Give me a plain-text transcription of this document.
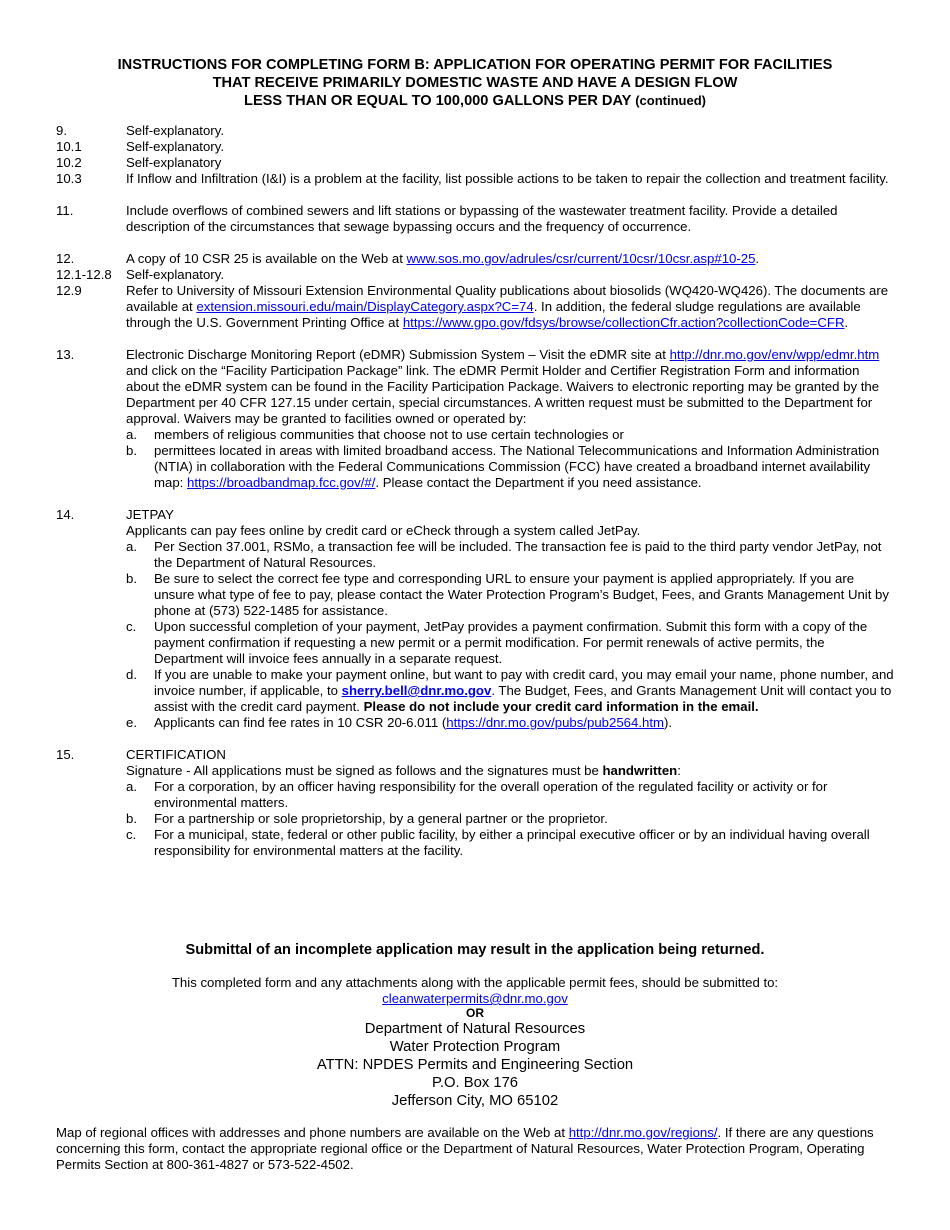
INSTRUCTIONS FOR COMPLETING FORM B: APPLICATION FOR OPERATING PERMIT FOR FACILITIES
THAT RECEIVE PRIMARILY DOMESTIC WASTE AND HAVE A DESIGN FLOW
LESS THAN OR EQUAL TO 100,000 GALLONS PER DAY (continued)
9.	Self-explanatory.
10.1	Self-explanatory.
10.2	Self-explanatory
10.3	If Inflow and Infiltration (I&I) is a problem at the facility, list possible actions to be taken to repair the collection and treatment facility.
11.	Include overflows of combined sewers and lift stations or bypassing of the wastewater treatment facility. Provide a detailed description of the circumstances that sewage bypassing occurs and the frequency of occurrence.
12.	A copy of 10 CSR 25 is available on the Web at www.sos.mo.gov/adrules/csr/current/10csr/10csr.asp#10-25.
12.1-12.8	Self-explanatory.
12.9	Refer to University of Missouri Extension Environmental Quality publications about biosolids (WQ420-WQ426). The documents are available at extension.missouri.edu/main/DisplayCategory.aspx?C=74. In addition, the federal sludge regulations are available through the U.S. Government Printing Office at https://www.gpo.gov/fdsys/browse/collectionCfr.action?collectionCode=CFR.
13.	Electronic Discharge Monitoring Report (eDMR) Submission System – Visit the eDMR site at http://dnr.mo.gov/env/wpp/edmr.htm and click on the “Facility Participation Package” link. The eDMR Permit Holder and Certifier Registration Form and information about the eDMR system can be found in the Facility Participation Package. Waivers to electronic reporting may be granted by the Department per 40 CFR 127.15 under certain, special circumstances. A written request must be submitted to the Department for approval. Waivers may be granted to facilities owned or operated by:
a.	members of religious communities that choose not to use certain technologies or
b.	permittees located in areas with limited broadband access. The National Telecommunications and Information Administration (NTIA) in collaboration with the Federal Communications Commission (FCC) have created a broadband internet availability map: https://broadbandmap.fcc.gov/#/. Please contact the Department if you need assistance.
14.	JETPAY
Applicants can pay fees online by credit card or eCheck through a system called JetPay.
a.	Per Section 37.001, RSMo, a transaction fee will be included. The transaction fee is paid to the third party vendor JetPay, not the Department of Natural Resources.
b.	Be sure to select the correct fee type and corresponding URL to ensure your payment is applied appropriately. If you are unsure what type of fee to pay, please contact the Water Protection Program’s Budget, Fees, and Grants Management Unit by phone at (573) 522-1485 for assistance.
c.	Upon successful completion of your payment, JetPay provides a payment confirmation. Submit this form with a copy of the payment confirmation if requesting a new permit or a permit modification. For permit renewals of active permits, the Department will invoice fees annually in a separate request.
d.	If you are unable to make your payment online, but want to pay with credit card, you may email your name, phone number, and invoice number, if applicable, to sherry.bell@dnr.mo.gov. The Budget, Fees, and Grants Management Unit will contact you to assist with the credit card payment. Please do not include your credit card information in the email.
e.	Applicants can find fee rates in 10 CSR 20-6.011 (https://dnr.mo.gov/pubs/pub2564.htm).
15.	CERTIFICATION
Signature - All applications must be signed as follows and the signatures must be handwritten:
a.	For a corporation, by an officer having responsibility for the overall operation of the regulated facility or activity or for environmental matters.
b.	For a partnership or sole proprietorship, by a general partner or the proprietor.
c.	For a municipal, state, federal or other public facility, by either a principal executive officer or by an individual having overall responsibility for environmental matters at the facility.
Submittal of an incomplete application may result in the application being returned.
This completed form and any attachments along with the applicable permit fees, should be submitted to:
cleanwaterpermits@dnr.mo.gov
OR
Department of Natural Resources
Water Protection Program
ATTN: NPDES Permits and Engineering Section
P.O. Box 176
Jefferson City, MO 65102
Map of regional offices with addresses and phone numbers are available on the Web at http://dnr.mo.gov/regions/. If there are any questions concerning this form, contact the appropriate regional office or the Department of Natural Resources, Water Protection Program, Operating Permits Section at 800-361-4827 or 573-522-4502.
